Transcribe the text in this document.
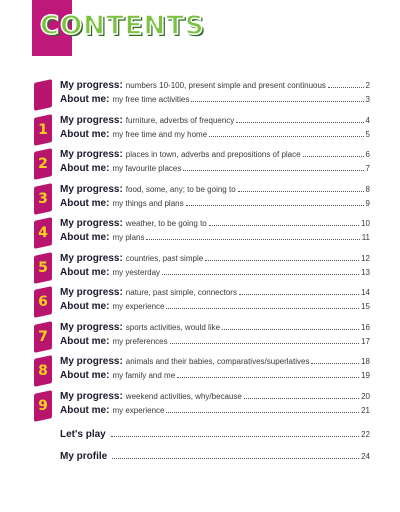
CONTENTS
My progress: numbers 10-100, present simple and present continuous	2
About me: my free time activities	3
1
My progress: furniture, adverbs of frequency	4
About me: my free time and my home	5
2
My progress: places in town, adverbs and prepositions of place	6
About me: my favourite places	7
3
My progress: food, some, any; to be going to	8
About me: my things and plans	9
4
My progress: weather, to be going to	10
About me: my plans	11
5
My progress: countries, past simple	12
About me: my yesterday	13
6
My progress: nature, past simple, connectors	14
About me: my experience	15
7
My progress: sports activities, would like	16
About me: my preferences	17
8
My progress: animals and their babies, comparatives/superlatives	18
About me: my family and me	19
9
My progress: weekend activities, why/because	20
About me: my experience	21
Let's play	22
My profile	24
